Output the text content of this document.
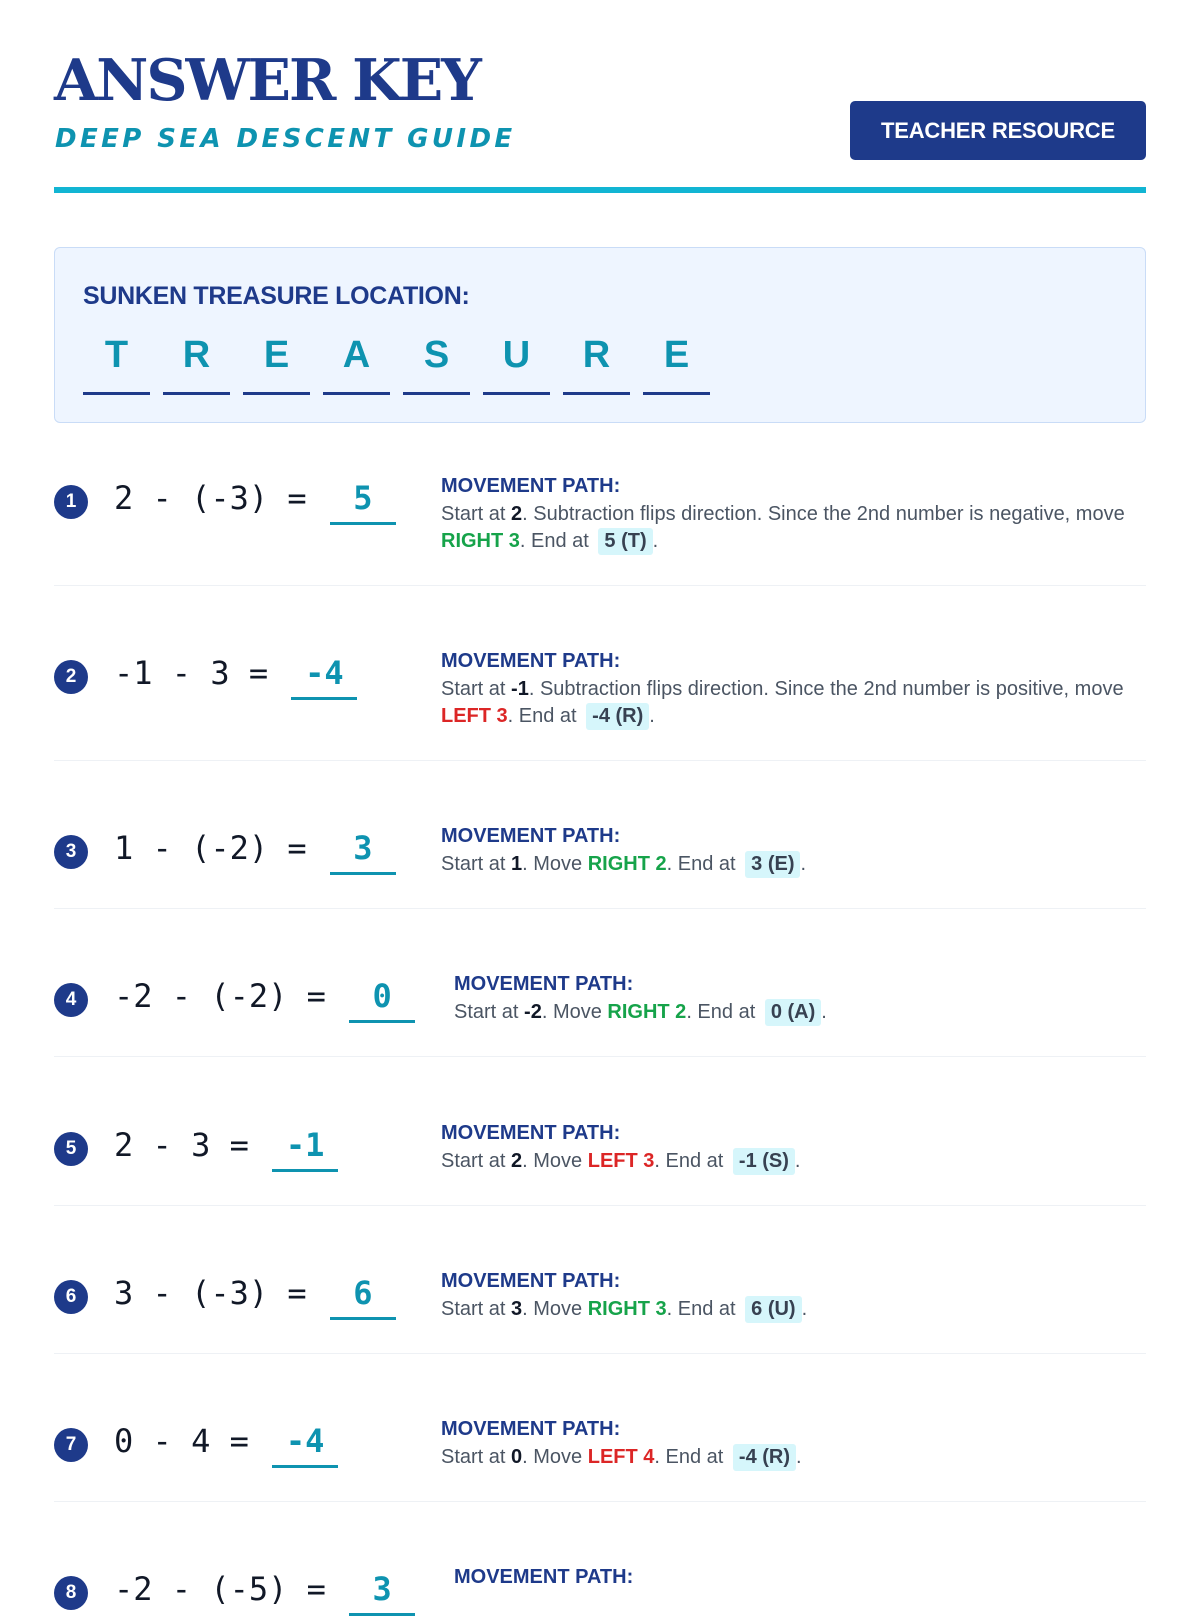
ANSWER KEY
DEEP SEA DESCENT GUIDE	TEACHER RESOURCE
SUNKEN TREASURE LOCATION:
T	R	E	A	S	U	R	E
1	2 - (-3) = 5	MOVEMENT PATH:
Start at 2. Subtraction flips direction. Since the 2nd number is negative, move RIGHT 3. End at 5 (T) .
2	-1 - 3 = -4	MOVEMENT PATH:
Start at -1. Subtraction flips direction. Since the 2nd number is positive, move LEFT 3. End at -4 (R) .
3	1 - (-2) = 3	MOVEMENT PATH:
Start at 1. Move RIGHT 2. End at 3 (E) .
4	-2 - (-2) = 0	MOVEMENT PATH:
Start at -2. Move RIGHT 2. End at 0 (A) .
5	2 - 3 = -1	MOVEMENT PATH:
Start at 2. Move LEFT 3. End at -1 (S) .
6	3 - (-3) = 6	MOVEMENT PATH:
Start at 3. Move RIGHT 3. End at 6 (U) .
7	0 - 4 = -4	MOVEMENT PATH:
Start at 0. Move LEFT 4. End at -4 (R) .
8	-2 - (-5) = 3	MOVEMENT PATH:
